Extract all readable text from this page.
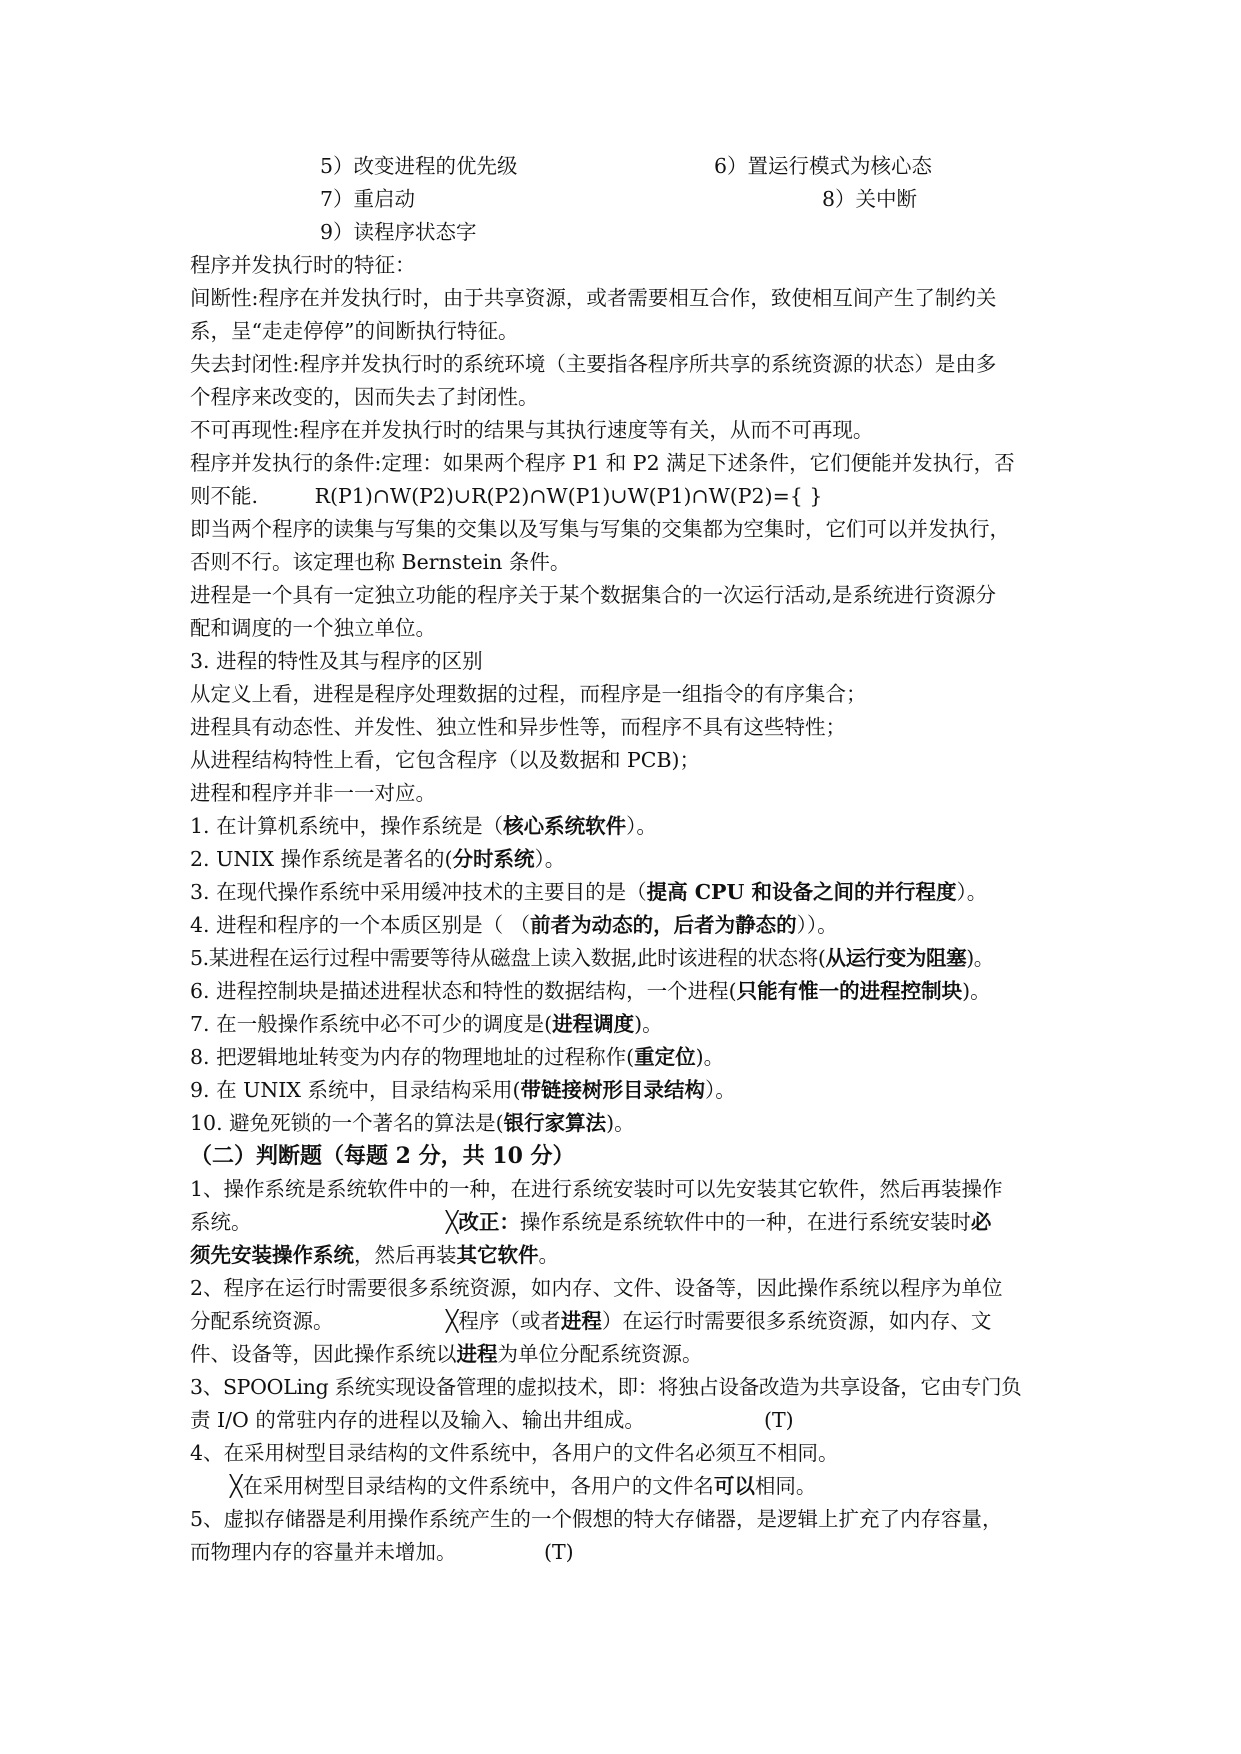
5）改变进程的优先级	6）置运行模式为核心态
7）重启动	8）关中断
9）读程序状态字

程序并发执行时的特征：

间断性:程序在并发执行时，由于共享资源，或者需要相互合作，致使相互间产生了制约关

系，呈“走走停停”的间断执行特征。

失去封闭性:程序并发执行时的系统环境（主要指各程序所共享的系统资源的状态）是由多

个程序来改变的，因而失去了封闭性。

不可再现性:程序在并发执行时的结果与其执行速度等有关，从而不可再现。

程序并发执行的条件:定理：如果两个程序 P1 和 P2 满足下述条件，它们便能并发执行，否

则不能.	R(P1)∩W(P2)∪R(P2)∩W(P1)∪W(P1)∩W(P2)={ }

即当两个程序的读集与写集的交集以及写集与写集的交集都为空集时，它们可以并发执行，

否则不行。该定理也称 Bernstein 条件。

进程是一个具有一定独立功能的程序关于某个数据集合的一次运行活动,是系统进行资源分

配和调度的一个独立单位。

3. 进程的特性及其与程序的区别

从定义上看，进程是程序处理数据的过程，而程序是一组指令的有序集合；

进程具有动态性、并发性、独立性和异步性等，而程序不具有这些特性；

从进程结构特性上看，它包含程序（以及数据和 PCB)；

进程和程序并非一一对应。

1. 在计算机系统中，操作系统是（核心系统软件）。

2. UNIX 操作系统是著名的(分时系统）。

3. 在现代操作系统中采用缓冲技术的主要目的是（提高 CPU 和设备之间的并行程度）。

4. 进程和程序的一个本质区别是（ （前者为动态的，后者为静态的））。

5.某进程在运行过程中需要等待从磁盘上读入数据,此时该进程的状态将(从运行变为阻塞)。

6. 进程控制块是描述进程状态和特性的数据结构，一个进程(只能有惟一的进程控制块)。

7. 在一般操作系统中必不可少的调度是(进程调度)。

8. 把逻辑地址转变为内存的物理地址的过程称作(重定位)。

9. 在 UNIX 系统中，目录结构采用(带链接树形目录结构）。

10. 避免死锁的一个著名的算法是(银行家算法)。

（二）判断题（每题 2 分，共 10 分）

1、操作系统是系统软件中的一种，在进行系统安装时可以先安装其它软件，然后再装操作

系统。	╳改正：操作系统是系统软件中的一种，在进行系统安装时必

须先安装操作系统，然后再装其它软件。

2、程序在运行时需要很多系统资源，如内存、文件、设备等，因此操作系统以程序为单位

分配系统资源。	╳程序（或者进程）在运行时需要很多系统资源，如内存、文

件、设备等，因此操作系统以进程为单位分配系统资源。

3、SPOOLing 系统实现设备管理的虚拟技术，即：将独占设备改造为共享设备，它由专门负

责 I/O 的常驻内存的进程以及输入、输出井组成。	(T)

4、在采用树型目录结构的文件系统中，各用户的文件名必须互不相同。

╳在采用树型目录结构的文件系统中，各用户的文件名可以相同。

5、虚拟存储器是利用操作系统产生的一个假想的特大存储器，是逻辑上扩充了内存容量，

而物理内存的容量并未增加。	(T)
